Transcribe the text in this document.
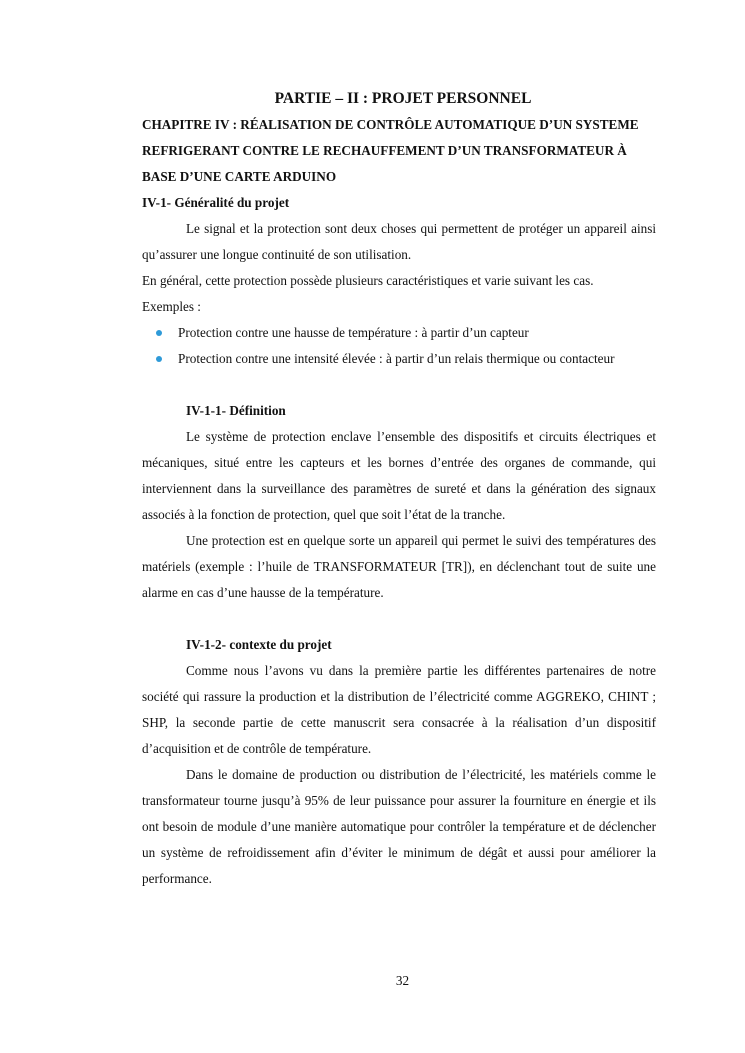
PARTIE – II : PROJET PERSONNEL
CHAPITRE IV : RÉALISATION DE CONTRÔLE AUTOMATIQUE D’UN SYSTEME REFRIGERANT CONTRE LE RECHAUFFEMENT D’UN TRANSFORMATEUR À BASE D’UNE CARTE ARDUINO
IV-1- Généralité du projet

Le signal et la protection sont deux choses qui permettent de protéger un appareil ainsi qu’assurer une longue continuité de son utilisation.

En général, cette protection possède plusieurs caractéristiques et varie suivant les cas.

Exemples :

Protection contre une hausse de température : à partir d’un capteur
Protection contre une intensité élevée : à partir d’un relais thermique ou contacteur
IV-1-1- Définition

Le système de protection enclave l’ensemble des dispositifs et circuits électriques et mécaniques, situé entre les capteurs et les bornes d’entrée des organes de commande, qui interviennent dans la surveillance des paramètres de sureté et dans la génération des signaux associés à la fonction de protection, quel que soit l’état de la tranche.

Une protection est en quelque sorte un appareil qui permet le suivi des températures des matériels (exemple : l’huile de TRANSFORMATEUR [TR]), en déclenchant tout de suite une alarme en cas d’une hausse de la température.

IV-1-2- contexte du projet

Comme nous l’avons vu dans la première partie les différentes partenaires de notre société qui rassure la production et la distribution de l’électricité comme AGGREKO, CHINT ; SHP, la seconde partie de cette manuscrit sera consacrée à la réalisation d’un dispositif d’acquisition et de contrôle de température.

Dans le domaine de production ou distribution de l’électricité, les matériels comme le transformateur tourne jusqu’à 95% de leur puissance pour assurer la fourniture en énergie et ils ont besoin de module d’une manière automatique pour contrôler la température et de déclencher un système de refroidissement afin d’éviter le minimum de dégât et aussi pour améliorer la performance.

32
